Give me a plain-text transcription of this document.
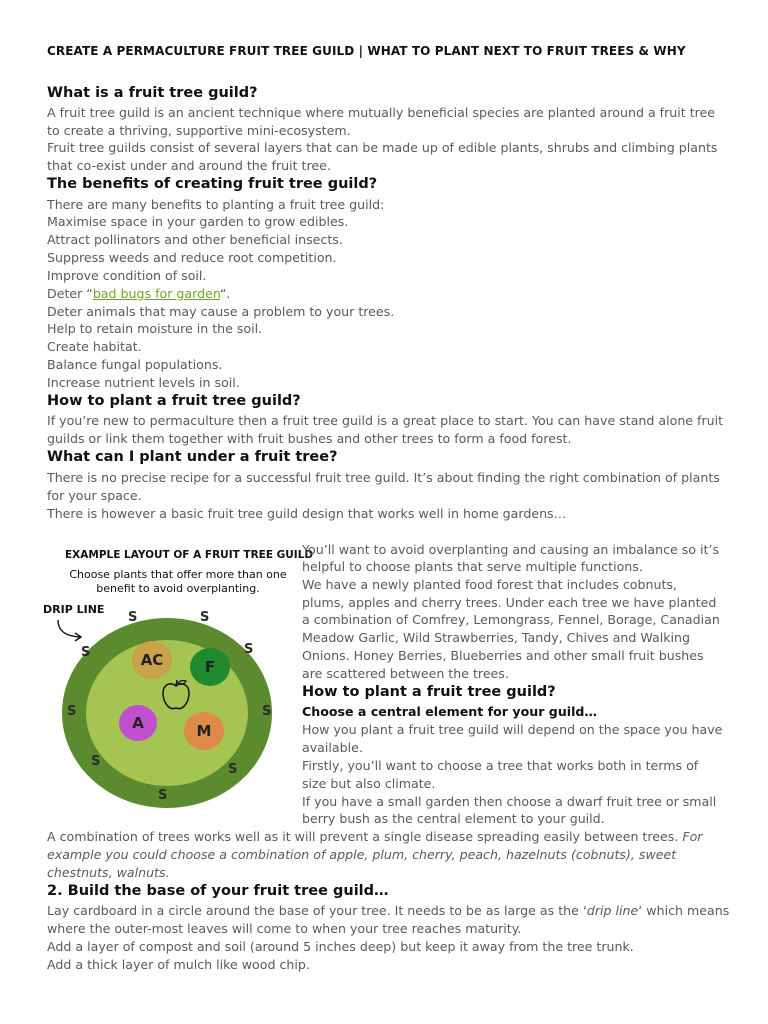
CREATE A PERMACULTURE FRUIT TREE GUILD | WHAT TO PLANT NEXT TO FRUIT TREES & WHY
What is a fruit tree guild?
A fruit tree guild is an ancient technique where mutually beneficial species are planted around a fruit tree
to create a thriving, supportive mini-ecosystem.
Fruit tree guilds consist of several layers that can be made up of edible plants, shrubs and climbing plants
that co-exist under and around the fruit tree.
The benefits of creating fruit tree guild?
There are many benefits to planting a fruit tree guild:
Maximise space in your garden to grow edibles.
Attract pollinators and other beneficial insects.
Suppress weeds and reduce root competition.
Improve condition of soil.
Deter “bad bugs for garden“.
Deter animals that may cause a problem to your trees.
Help to retain moisture in the soil.
Create habitat.
Balance fungal populations.
Increase nutrient levels in soil.
How to plant a fruit tree guild?
If you’re new to permaculture then a fruit tree guild is a great place to start. You can have stand alone fruit
guilds or link them together with fruit bushes and other trees to form a food forest.
What can I plant under a fruit tree?
There is no precise recipe for a successful fruit tree guild. It’s about finding the right combination of plants
for your space.
There is however a basic fruit tree guild design that works well in home gardens…
EXAMPLE LAYOUT OF A FRUIT TREE GUILD
Choose plants that offer more than one benefit to avoid overplanting.
DRIP LINE
S	S
S	S
S	S
S
S
S
AC	F
A	M
You’ll want to avoid overplanting and causing an imbalance so it’s
helpful to choose plants that serve multiple functions.
We have a newly planted food forest that includes cobnuts,
plums, apples and cherry trees. Under each tree we have planted
a combination of Comfrey, Lemongrass, Fennel, Borage, Canadian
Meadow Garlic, Wild Strawberries, Tandy, Chives and Walking
Onions. Honey Berries, Blueberries and other small fruit bushes
are scattered between the trees.
How to plant a fruit tree guild?
Choose a central element for your guild…
How you plant a fruit tree guild will depend on the space you have
available.
Firstly, you’ll want to choose a tree that works both in terms of
size but also climate.
If you have a small garden then choose a dwarf fruit tree or small
berry bush as the central element to your guild.
A combination of trees works well as it will prevent a single disease spreading easily between trees. For
example you could choose a combination of apple, plum, cherry, peach, hazelnuts (cobnuts), sweet
chestnuts, walnuts.
2. Build the base of your fruit tree guild…
Lay cardboard in a circle around the base of your tree. It needs to be as large as the ‘drip line‘ which means
where the outer-most leaves will come to when your tree reaches maturity.
Add a layer of compost and soil (around 5 inches deep) but keep it away from the tree trunk.
Add a thick layer of mulch like wood chip.
